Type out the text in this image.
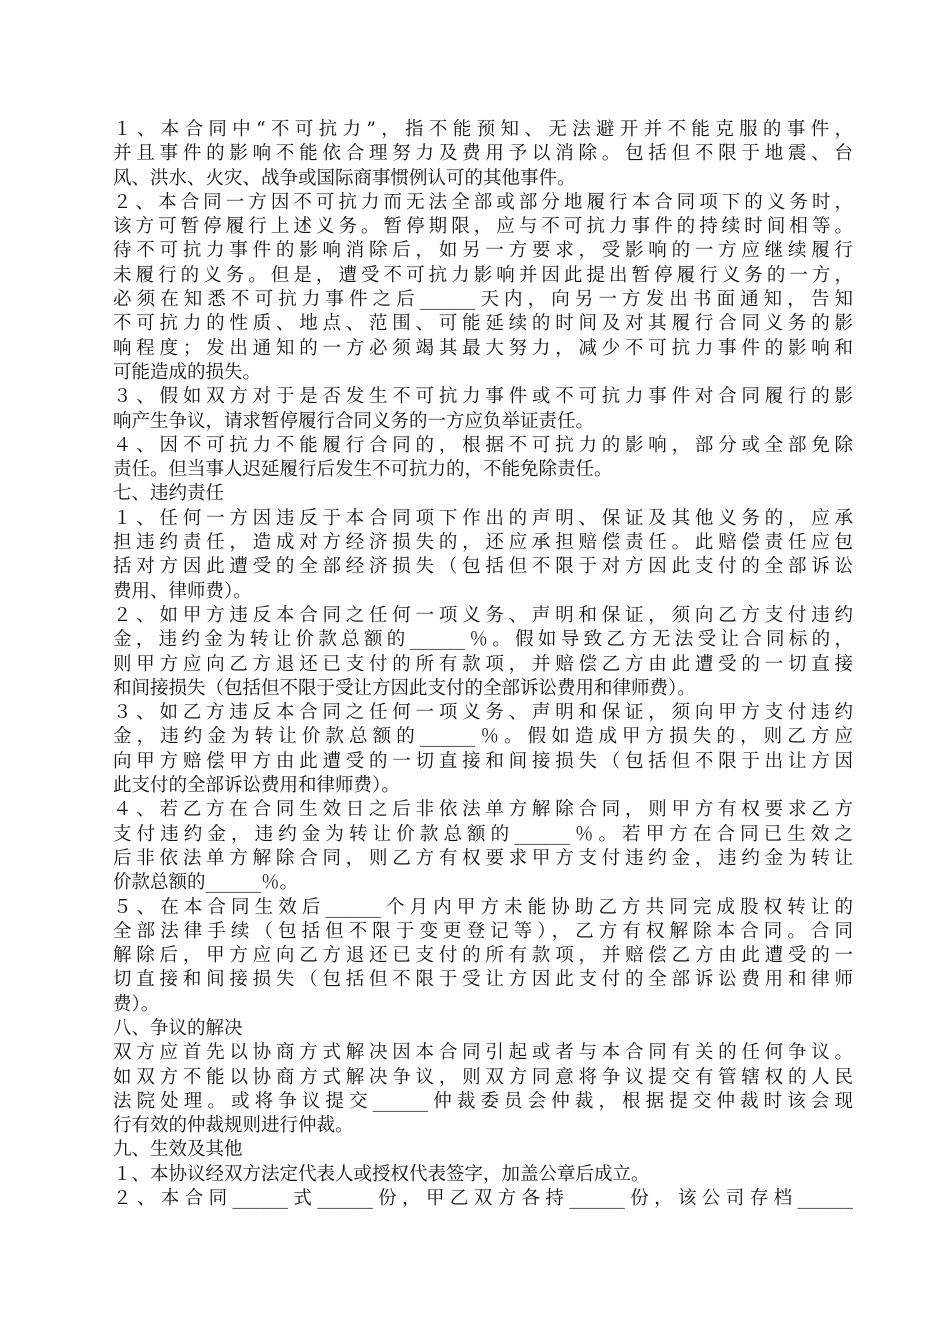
１、本合同中“不可抗力”，指不能预知、无法避开并不能克服的事件，
并且事件的影响不能依合理努力及费用予以消除。包括但不限于地震、台
风、洪水、火灾、战争或国际商事惯例认可的其他事件。
２、本合同一方因不可抗力而无法全部或部分地履行本合同项下的义务时，
该方可暂停履行上述义务。暂停期限，应与不可抗力事件的持续时间相等。
待不可抗力事件的影响消除后，如另一方要求，受影响的一方应继续履行
未履行的义务。但是，遭受不可抗力影响并因此提出暂停履行义务的一方，
必须在知悉不可抗力事件之后______天内，向另一方发出书面通知，告知
不可抗力的性质、地点、范围、可能延续的时间及对其履行合同义务的影
响程度；发出通知的一方必须竭其最大努力，减少不可抗力事件的影响和
可能造成的损失。
３、假如双方对于是否发生不可抗力事件或不可抗力事件对合同履行的影
响产生争议，请求暂停履行合同义务的一方应负举证责任。
４、因不可抗力不能履行合同的，根据不可抗力的影响，部分或全部免除
责任。但当事人迟延履行后发生不可抗力的，不能免除责任。
七、违约责任
１、任何一方因违反于本合同项下作出的声明、保证及其他义务的，应承
担违约责任，造成对方经济损失的，还应承担赔偿责任。此赔偿责任应包
括对方因此遭受的全部经济损失（包括但不限于对方因此支付的全部诉讼
费用、律师费）。
２、如甲方违反本合同之任何一项义务、声明和保证，须向乙方支付违约
金，违约金为转让价款总额的______％。假如导致乙方无法受让合同标的，
则甲方应向乙方退还已支付的所有款项，并赔偿乙方由此遭受的一切直接
和间接损失（包括但不限于受让方因此支付的全部诉讼费用和律师费）。
３、如乙方违反本合同之任何一项义务、声明和保证，须向甲方支付违约
金，违约金为转让价款总额的______％。假如造成甲方损失的，则乙方应
向甲方赔偿甲方由此遭受的一切直接和间接损失（包括但不限于出让方因
此支付的全部诉讼费用和律师费）。
４、若乙方在合同生效日之后非依法单方解除合同，则甲方有权要求乙方
支付违约金，违约金为转让价款总额的______％。若甲方在合同已生效之
后非依法单方解除合同，则乙方有权要求甲方支付违约金，违约金为转让
价款总额的______％。
５、在本合同生效后______个月内甲方未能协助乙方共同完成股权转让的
全部法律手续（包括但不限于变更登记等），乙方有权解除本合同。合同
解除后，甲方应向乙方退还已支付的所有款项，并赔偿乙方由此遭受的一
切直接和间接损失（包括但不限于受让方因此支付的全部诉讼费用和律师
费）。
八、争议的解决
双方应首先以协商方式解决因本合同引起或者与本合同有关的任何争议。
如双方不能以协商方式解决争议，则双方同意将争议提交有管辖权的人民
法院处理。或将争议提交______仲裁委员会仲裁，根据提交仲裁时该会现
行有效的仲裁规则进行仲裁。
九、生效及其他
１、本协议经双方法定代表人或授权代表签字，加盖公章后成立。
２、本合同______式______份，甲乙双方各持______份，该公司存档______
